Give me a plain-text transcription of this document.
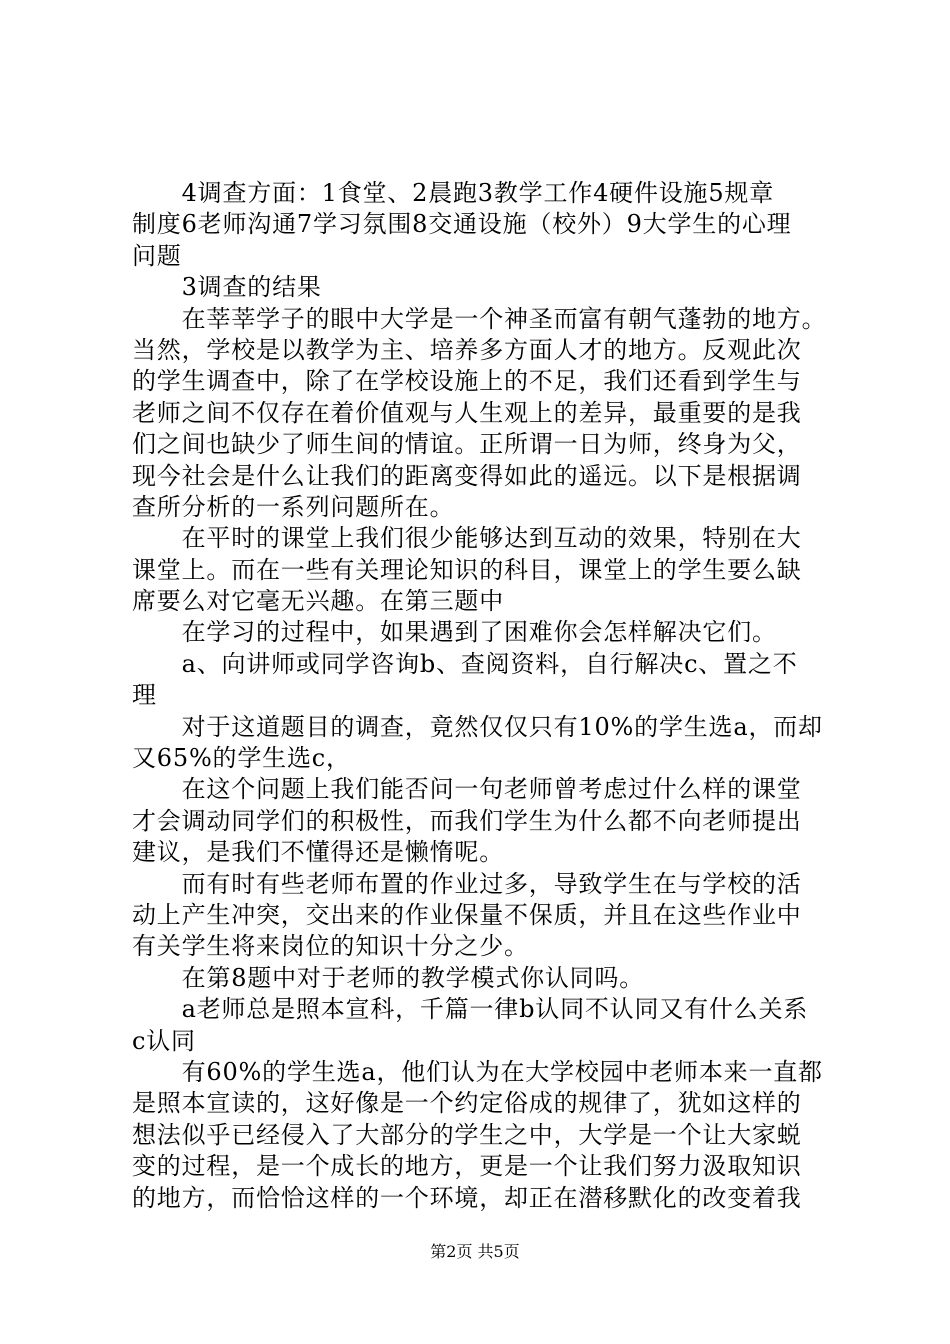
　　4调查方面：1食堂、2晨跑3教学工作4硬件设施5规章
制度6老师沟通7学习氛围8交通设施（校外）9大学生的心理
问题
　　3调查的结果
　　在莘莘学子的眼中大学是一个神圣而富有朝气蓬勃的地方。
当然，学校是以教学为主、培养多方面人才的地方。反观此次
的学生调查中，除了在学校设施上的不足，我们还看到学生与
老师之间不仅存在着价值观与人生观上的差异，最重要的是我
们之间也缺少了师生间的情谊。正所谓一日为师，终身为父，
现今社会是什么让我们的距离变得如此的遥远。以下是根据调
查所分析的一系列问题所在。
　　在平时的课堂上我们很少能够达到互动的效果，特别在大
课堂上。而在一些有关理论知识的科目，课堂上的学生要么缺
席要么对它毫无兴趣。在第三题中
　　在学习的过程中，如果遇到了困难你会怎样解决它们。
　　a、向讲师或同学咨询b、查阅资料，自行解决c、置之不
理
　　对于这道题目的调查，竟然仅仅只有10%的学生选a，而却
又65%的学生选c，
　　在这个问题上我们能否问一句老师曾考虑过什么样的课堂
才会调动同学们的积极性，而我们学生为什么都不向老师提出
建议，是我们不懂得还是懒惰呢。
　　而有时有些老师布置的作业过多，导致学生在与学校的活
动上产生冲突，交出来的作业保量不保质，并且在这些作业中
有关学生将来岗位的知识十分之少。
　　在第8题中对于老师的教学模式你认同吗。
　　a老师总是照本宣科，千篇一律b认同不认同又有什么关系
c认同
　　有60%的学生选a，他们认为在大学校园中老师本来一直都
是照本宣读的，这好像是一个约定俗成的规律了，犹如这样的
想法似乎已经侵入了大部分的学生之中，大学是一个让大家蜕
变的过程，是一个成长的地方，更是一个让我们努力汲取知识
的地方，而恰恰这样的一个环境，却正在潜移默化的改变着我
第2页 共5页
